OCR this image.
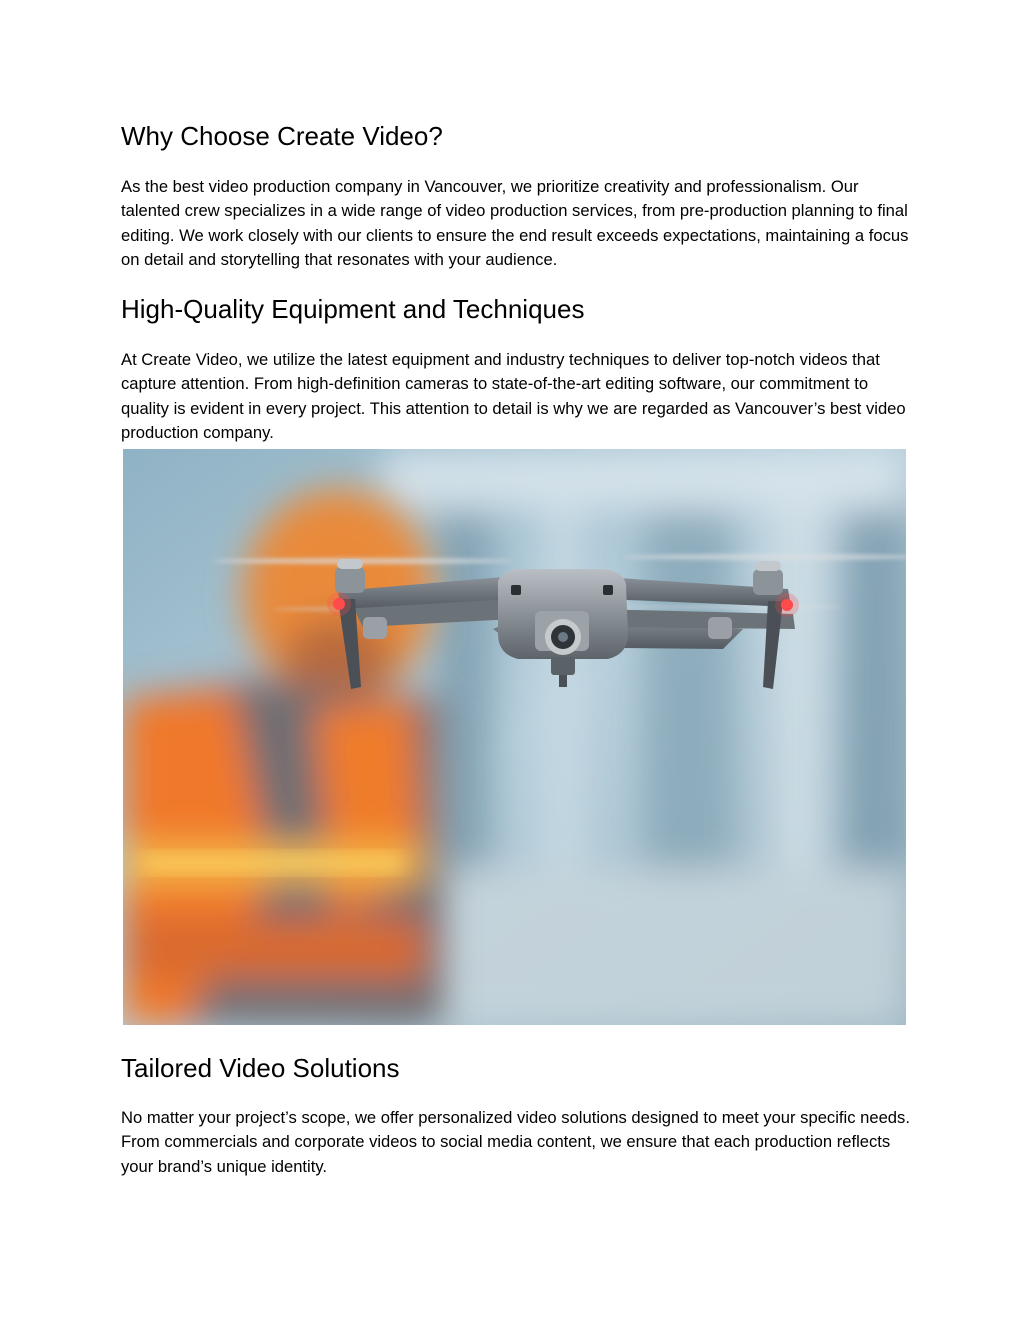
Why Choose Create Video?

As the best video production company in Vancouver, we prioritize creativity and professionalism. Our talented crew specializes in a wide range of video production services, from pre-production planning to final editing. We work closely with our clients to ensure the end result exceeds expectations, maintaining a focus on detail and storytelling that resonates with your audience.

High-Quality Equipment and Techniques

At Create Video, we utilize the latest equipment and industry techniques to deliver top-notch videos that capture attention. From high-definition cameras to state-of-the-art editing software, our commitment to quality is evident in every project. This attention to detail is why we are regarded as Vancouver’s best video production company.

Tailored Video Solutions

No matter your project’s scope, we offer personalized video solutions designed to meet your specific needs. From commercials and corporate videos to social media content, we ensure that each production reflects your brand’s unique identity.
